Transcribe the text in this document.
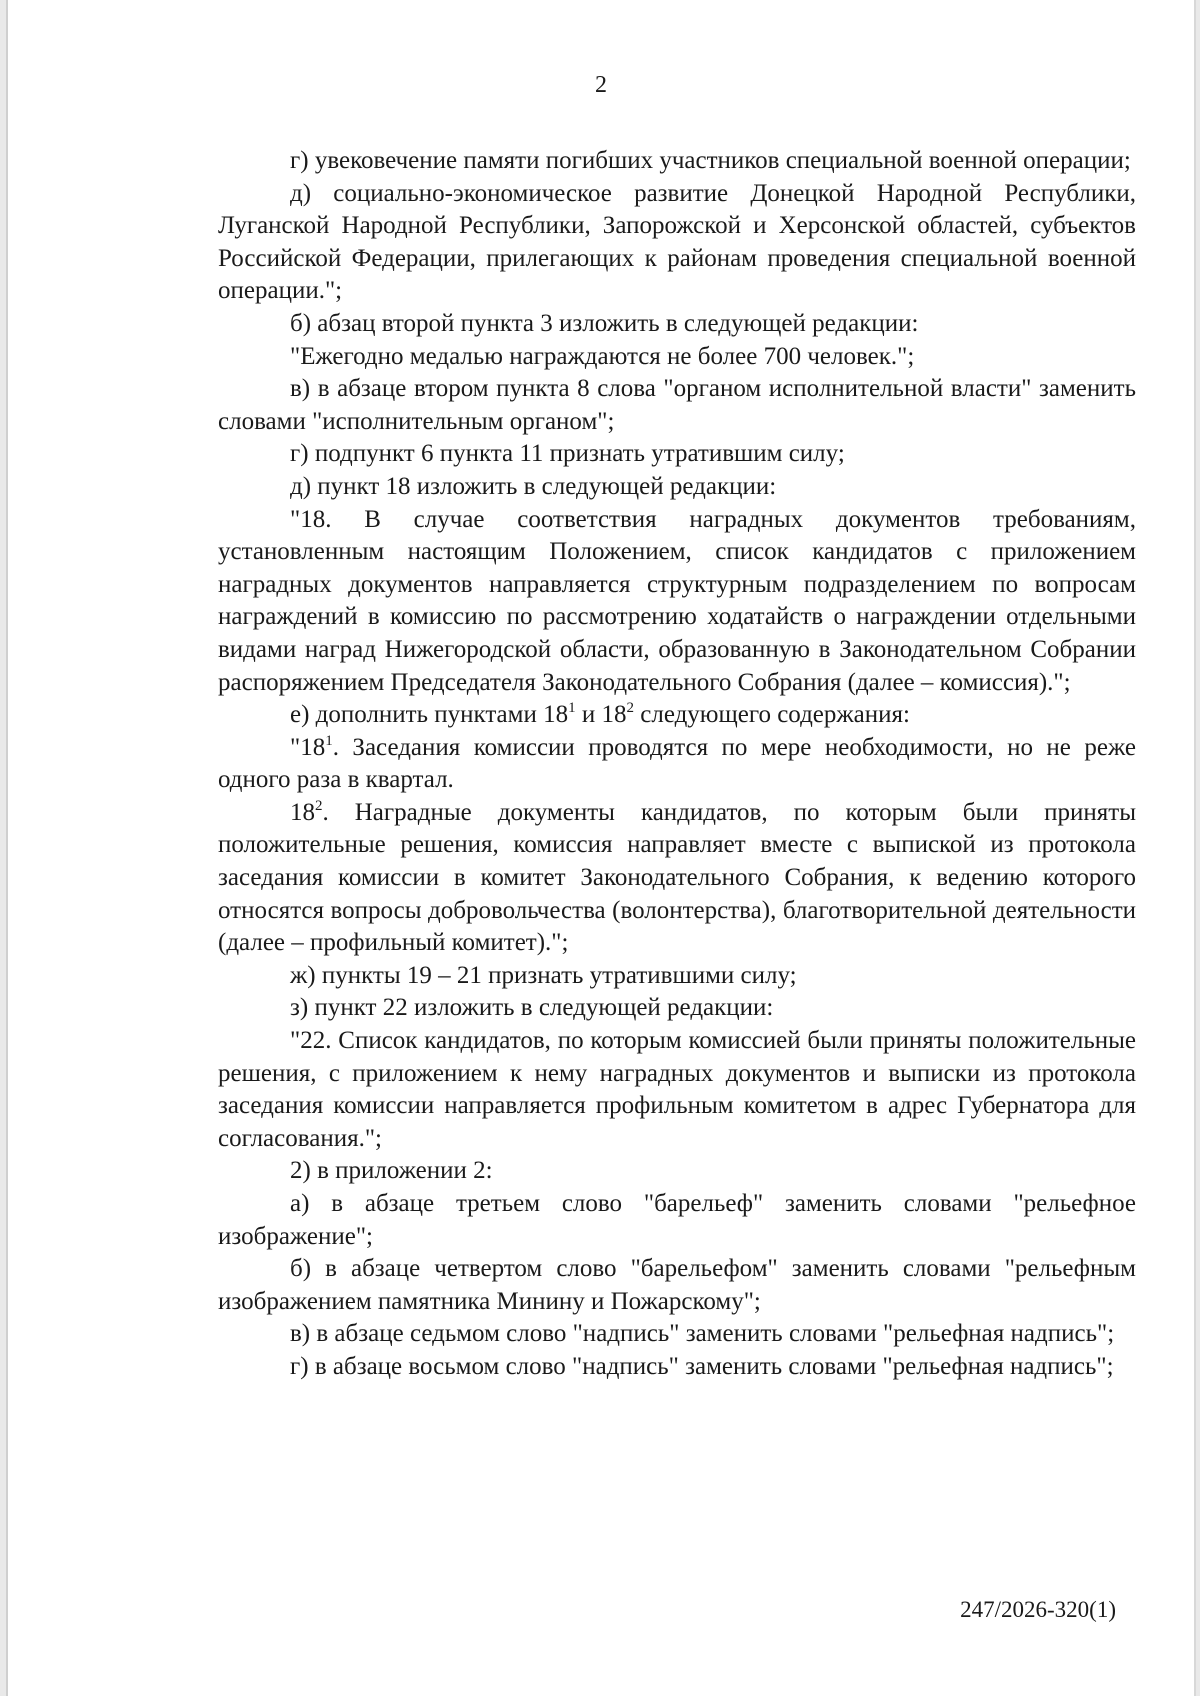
2

г) увековечение памяти погибших участников специальной военной операции;

д) социально-экономическое развитие Донецкой Народной Республики, Луганской Народной Республики, Запорожской и Херсонской областей, субъектов Российской Федерации, прилегающих к районам проведения специальной военной операции.";

б) абзац второй пункта 3 изложить в следующей редакции:

"Ежегодно медалью награждаются не более 700 человек.";

в) в абзаце втором пункта 8 слова "органом исполнительной власти" заменить словами "исполнительным органом";

г) подпункт 6 пункта 11 признать утратившим силу;

д) пункт 18 изложить в следующей редакции:

"18. В случае соответствия наградных документов требованиям, установленным настоящим Положением, список кандидатов с приложением наградных документов направляется структурным подразделением по вопросам награждений в комиссию по рассмотрению ходатайств о награждении отдельными видами наград Нижегородской области, образованную в Законодательном Собрании распоряжением Председателя Законодательного Собрания (далее – комиссия).";

е) дополнить пунктами $18^1$ и $18^2$ следующего содержания:

"$18^1$. Заседания комиссии проводятся по мере необходимости, но не реже одного раза в квартал.

$18^2$. Наградные документы кандидатов, по которым были приняты положительные решения, комиссия направляет вместе с выпиской из протокола заседания комиссии в комитет Законодательного Собрания, к ведению которого относятся вопросы добровольчества (волонтерства), благотворительной деятельности (далее – профильный комитет).";

ж) пункты 19 – 21 признать утратившими силу;

з) пункт 22 изложить в следующей редакции:

"22. Список кандидатов, по которым комиссией были приняты положительные решения, с приложением к нему наградных документов и выписки из протокола заседания комиссии направляется профильным комитетом в адрес Губернатора для согласования.";

2) в приложении 2:

а) в абзаце третьем слово "барельеф" заменить словами "рельефное изображение";

б) в абзаце четвертом слово "барельефом" заменить словами "рельефным изображением памятника Минину и Пожарскому";

в) в абзаце седьмом слово "надпись" заменить словами "рельефная надпись";

г) в абзаце восьмом слово "надпись" заменить словами "рельефная надпись";

247/2026-320(1)
